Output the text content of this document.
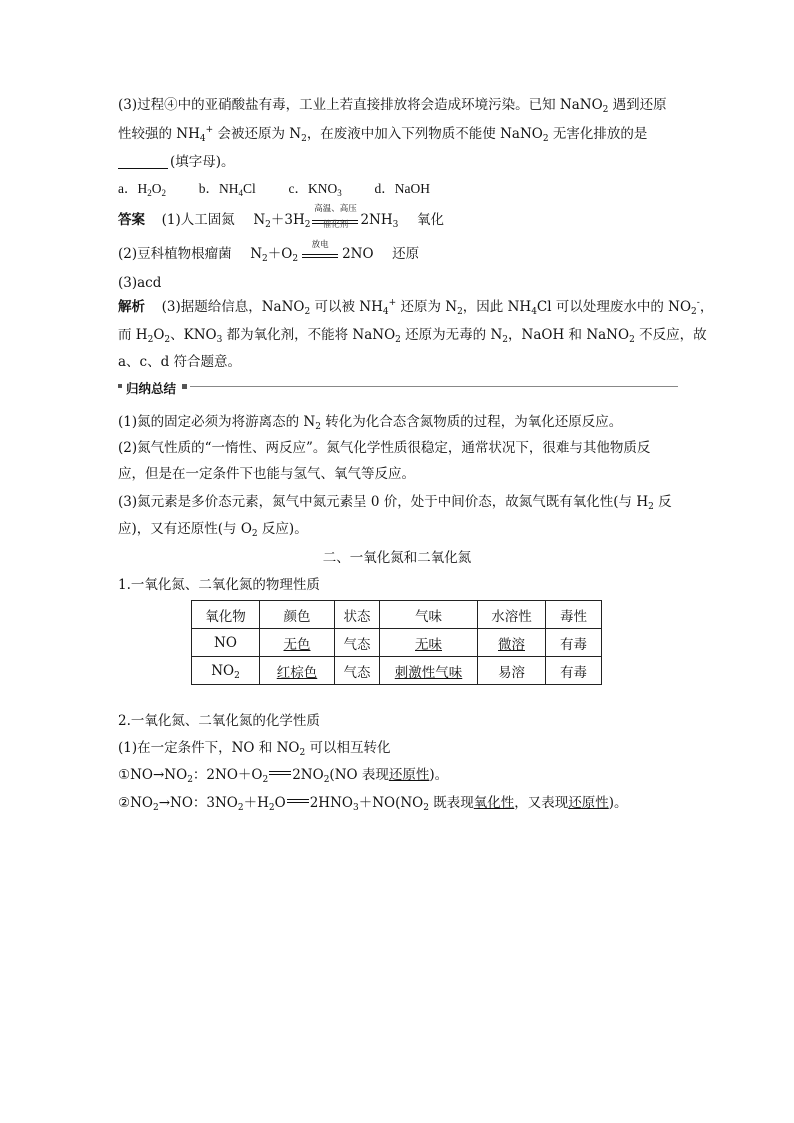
(3)过程④中的亚硝酸盐有毒，工业上若直接排放将会造成环境污染。已知 NaNO$_2$ 遇到还原
性较强的 $NH_4^+$ 会被还原为 $N_2$，在废液中加入下列物质不能使 NaNO$_2$ 无害化排放的是
(填字母)。
a．$H_2O_2$ b．$NH_4Cl$ c．$KNO_3$ d．NaOH
答案 (1)人工固氮 $N_2+3H_2$
高温、高压
催化剂 $2NH_3$ 氧化
(2)豆科植物根瘤菌 $N_2+O_2$
放电
2NO 还原
(3)acd
解析 (3)据题给信息，NaNO$_2$ 可以被 $NH_4^+$ 还原为 $N_2$，因此 $NH_4Cl$ 可以处理废水中的 $NO_2^-$，
而 $H_2O_2$、$KNO_3$ 都为氧化剂，不能将 NaNO$_2$ 还原为无毒的 $N_2$，NaOH 和 NaNO$_2$ 不反应，故
a、c、d 符合题意。
归纳总结
(1)氮的固定必须为将游离态的 $N_2$ 转化为化合态含氮物质的过程，为氧化还原反应。
(2)氮气性质的“一惰性、两反应”。氮气化学性质很稳定，通常状况下，很难与其他物质反
应，但是在一定条件下也能与氢气、氧气等反应。
(3)氮元素是多价态元素，氮气中氮元素呈 0 价，处于中间价态，故氮气既有氧化性(与 $H_2$ 反
应)，又有还原性(与 $O_2$ 反应)。
二、一氧化氮和二氧化氮
1.一氧化氮、二氧化氮的物理性质
氧化物	颜色	状态	气味	水溶性	毒性
NO	无色	气态	无味	微溶	有毒
$NO_2$	红棕色	气态	刺激性气味	易溶	有毒
2.一氧化氮、二氧化氮的化学性质
(1)在一定条件下，NO 和 $NO_2$ 可以相互转化
$①NO\to NO_2$：$2NO+O_2$ $2NO_2(NO$ 表现还原性)。
$②NO_2\to NO$：$3NO_2+H_2O$ $2HNO_3+NO(NO_2$ 既表现氧化性，又表现还原性)。
